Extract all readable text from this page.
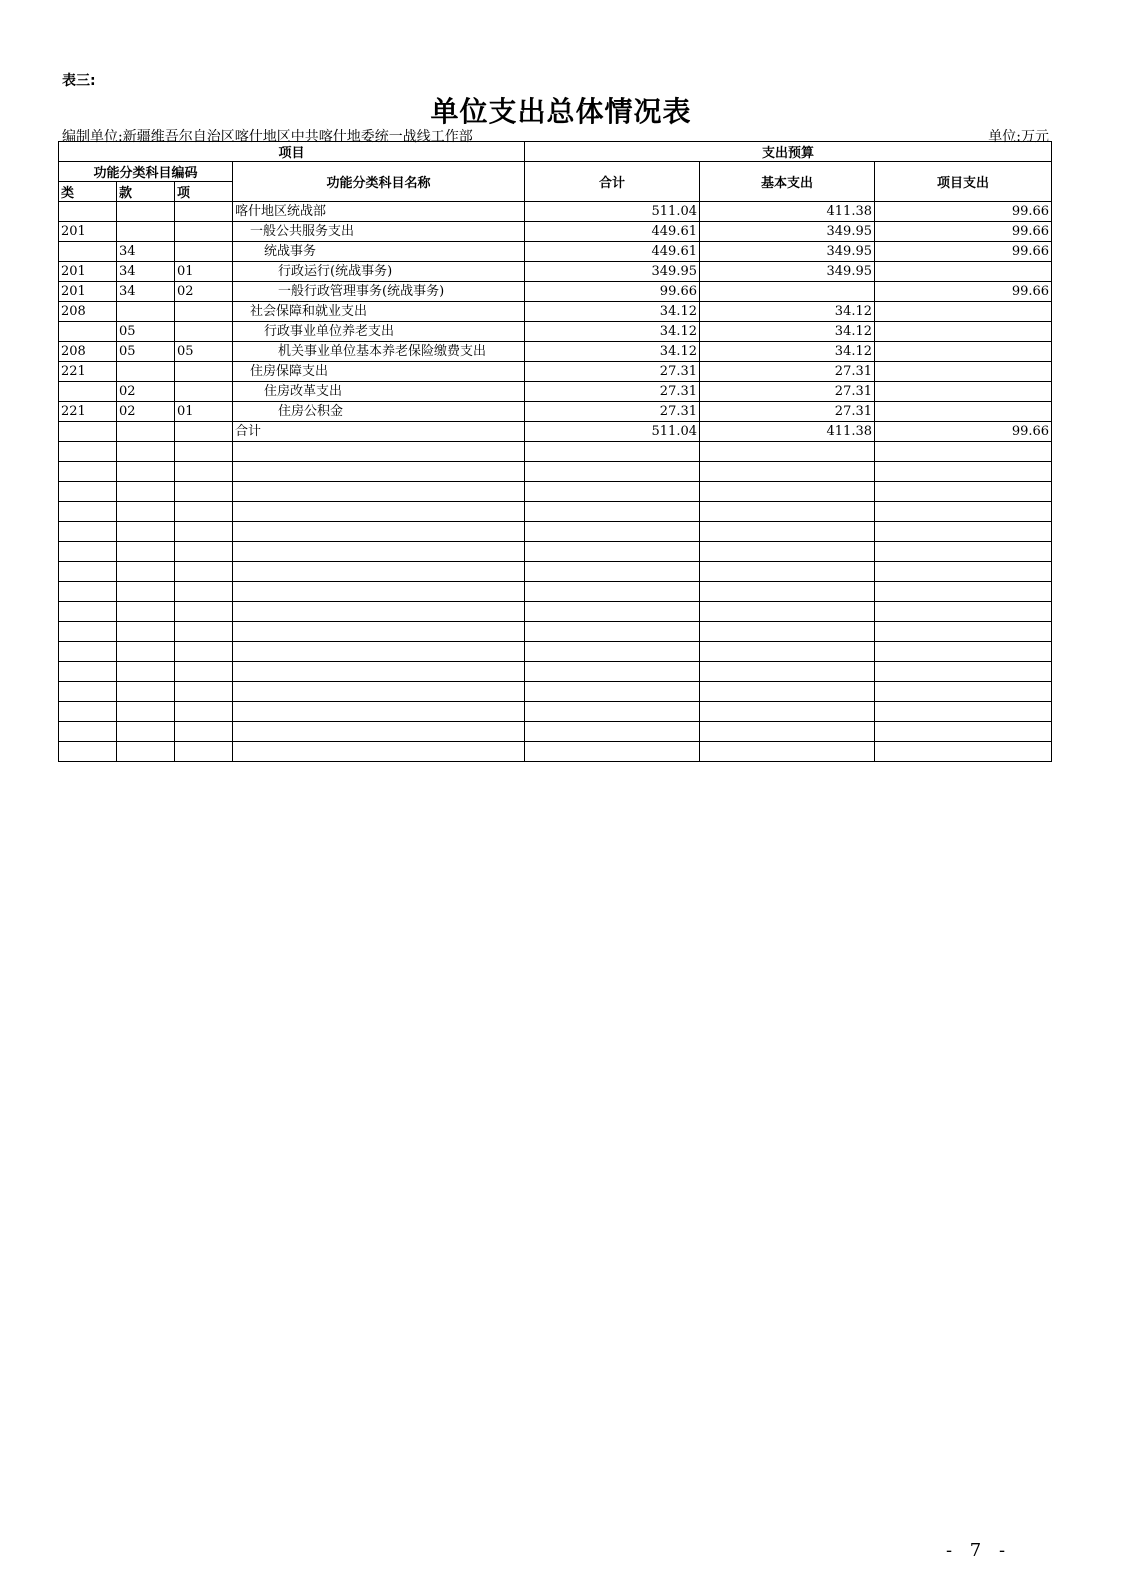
表三:
单位支出总体情况表
编制单位:新疆维吾尔自治区喀什地区中共喀什地委统一战线工作部	单位:万元
项目				支出预算		
功能分类科目编码			功能分类科目名称	合计	基本支出	项目支出
类	款	项				
			喀什地区统战部	511.04	411.38	99.66
201			一般公共服务支出	449.61	349.95	99.66
	34		统战事务	449.61	349.95	99.66
201	34	01	行政运行(统战事务)	349.95	349.95	
201	34	02	一般行政管理事务(统战事务)	99.66		99.66
208			社会保障和就业支出	34.12	34.12	
	05		行政事业单位养老支出	34.12	34.12	
208	05	05	机关事业单位基本养老保险缴费支出	34.12	34.12	
221			住房保障支出	27.31	27.31	
	02		住房改革支出	27.31	27.31	
221	02	01	住房公积金	27.31	27.31	
			合计	511.04	411.38	99.66

- 7 -
